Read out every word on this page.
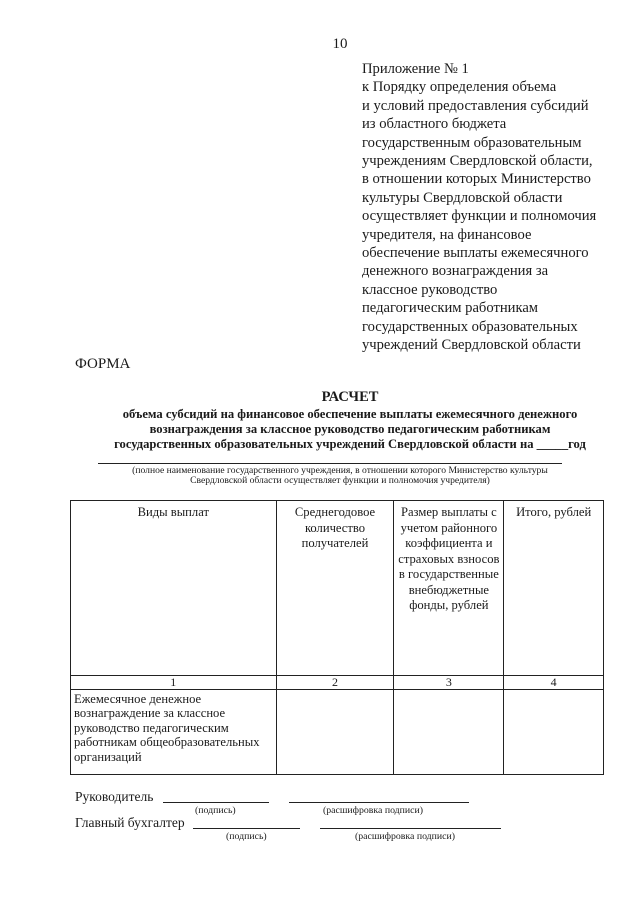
10
Приложение № 1
к Порядку определения объема
и условий предоставления субсидий
из областного бюджета
государственным образовательным
учреждениям Свердловской области,
в отношении которых Министерство
культуры Свердловской области
осуществляет функции и полномочия
учредителя, на финансовое
обеспечение выплаты ежемесячного
денежного вознаграждения за
классное руководство
педагогическим работникам
государственных образовательных
учреждений Свердловской области
ФОРМА
РАСЧЕТ
объема субсидий на финансовое обеспечение выплаты ежемесячного денежного
вознаграждения за классное руководство педагогическим работникам
государственных образовательных учреждений Свердловской области на _____год
(полное наименование государственного учреждения, в отношении которого Министерство культуры
Свердловской области осуществляет функции и полномочия учредителя)
Виды выплат	Среднегодовое количество получателей	Размер выплаты с учетом районного коэффициента и страховых взносов в государственные внебюджетные фонды, рублей	Итого, рублей
1	2	3	4
Ежемесячное денежное вознаграждение за классное руководство педагогическим работникам общеобразовательных организаций			
Руководитель
(подпись)	(расшифровка подписи)
Главный бухгалтер
(подпись)	(расшифровка подписи)
